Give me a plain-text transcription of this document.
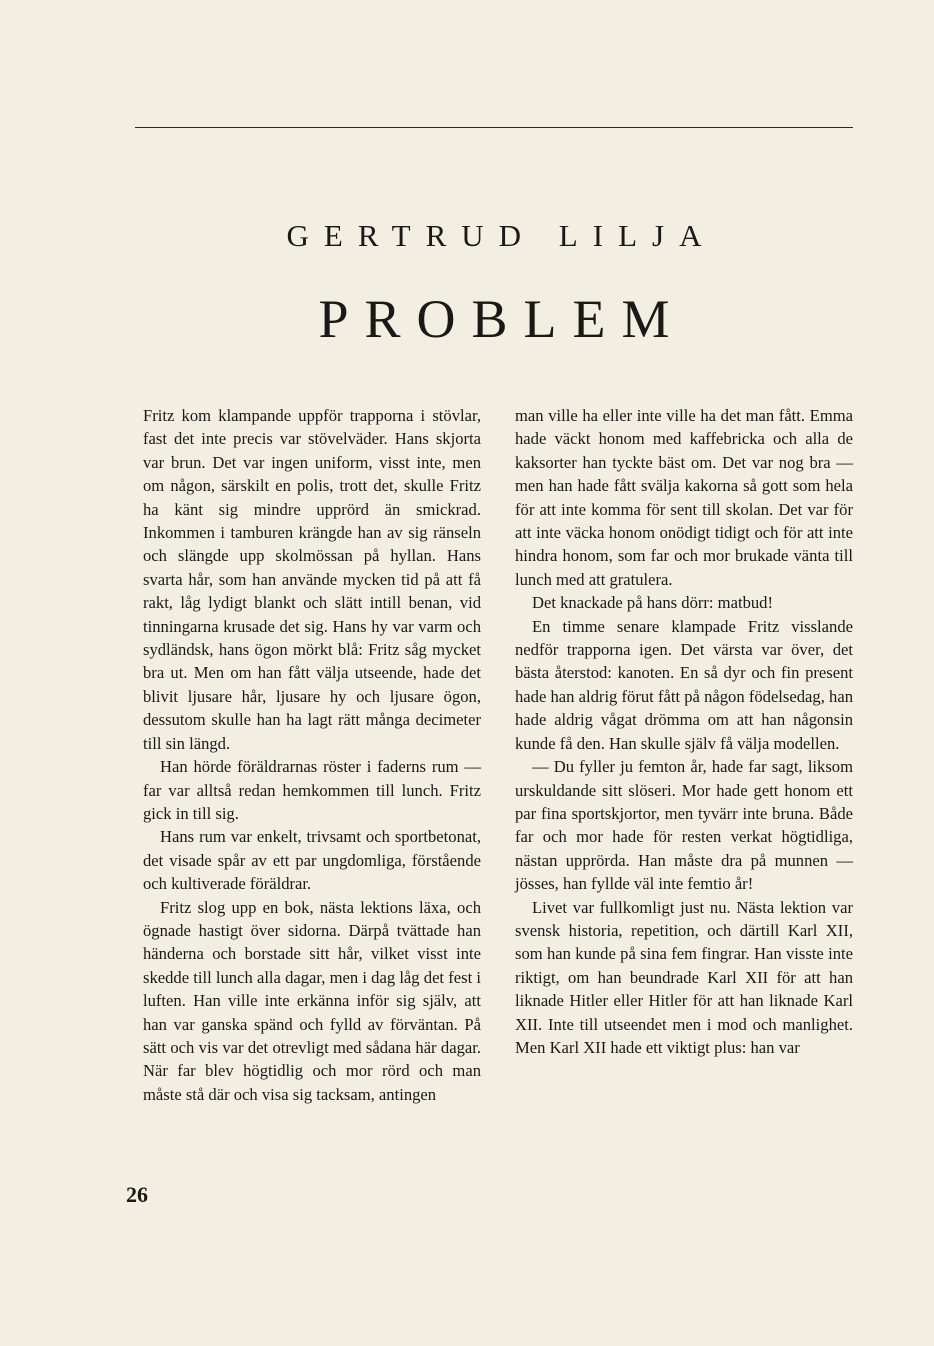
GERTRUD LILJA
PROBLEM

Fritz kom klampande uppför trapporna i stövlar, fast det inte precis var stövelväder. Hans skjorta var brun. Det var ingen uniform, visst inte, men om någon, särskilt en polis, trott det, skulle Fritz ha känt sig mindre upprörd än smickrad. Inkommen i tamburen krängde han av sig ränseln och slängde upp skolmössan på hyllan. Hans svarta hår, som han använde mycken tid på att få rakt, låg lydigt blankt och slätt intill benan, vid tinningarna krusade det sig. Hans hy var varm och sydländsk, hans ögon mörkt blå: Fritz såg mycket bra ut. Men om han fått välja utseende, hade det blivit ljusare hår, ljusare hy och ljusare ögon, dessutom skulle han ha lagt rätt många decimeter till sin längd.

Han hörde föräldrarnas röster i faderns rum — far var alltså redan hemkommen till lunch. Fritz gick in till sig.

Hans rum var enkelt, trivsamt och sportbetonat, det visade spår av ett par ungdomliga, förstående och kultiverade föräldrar.

Fritz slog upp en bok, nästa lektions läxa, och ögnade hastigt över sidorna. Därpå tvättade han händerna och borstade sitt hår, vilket visst inte skedde till lunch alla dagar, men i dag låg det fest i luften. Han ville inte erkänna inför sig själv, att han var ganska spänd och fylld av förväntan. På sätt och vis var det otrevligt med sådana här dagar. När far blev högtidlig och mor rörd och man måste stå där och visa sig tacksam, antingen

man ville ha eller inte ville ha det man fått. Emma hade väckt honom med kaffebricka och alla de kaksorter han tyckte bäst om. Det var nog bra — men han hade fått svälja kakorna så gott som hela för att inte komma för sent till skolan. Det var för att inte väcka honom onödigt tidigt och för att inte hindra honom, som far och mor brukade vänta till lunch med att gratulera.

Det knackade på hans dörr: matbud!

En timme senare klampade Fritz visslande nedför trapporna igen. Det värsta var över, det bästa återstod: kanoten. En så dyr och fin present hade han aldrig förut fått på någon födelsedag, han hade aldrig vågat drömma om att han någonsin kunde få den. Han skulle själv få välja modellen.

— Du fyller ju femton år, hade far sagt, liksom urskuldande sitt slöseri. Mor hade gett honom ett par fina sportskjortor, men tyvärr inte bruna. Både far och mor hade för resten verkat högtidliga, nästan upprörda. Han måste dra på munnen — jösses, han fyllde väl inte femtio år!

Livet var fullkomligt just nu. Nästa lektion var svensk historia, repetition, och därtill Karl XII, som han kunde på sina fem fingrar. Han visste inte riktigt, om han beundrade Karl XII för att han liknade Hitler eller Hitler för att han liknade Karl XII. Inte till utseendet men i mod och manlighet. Men Karl XII hade ett viktigt plus: han var

26
